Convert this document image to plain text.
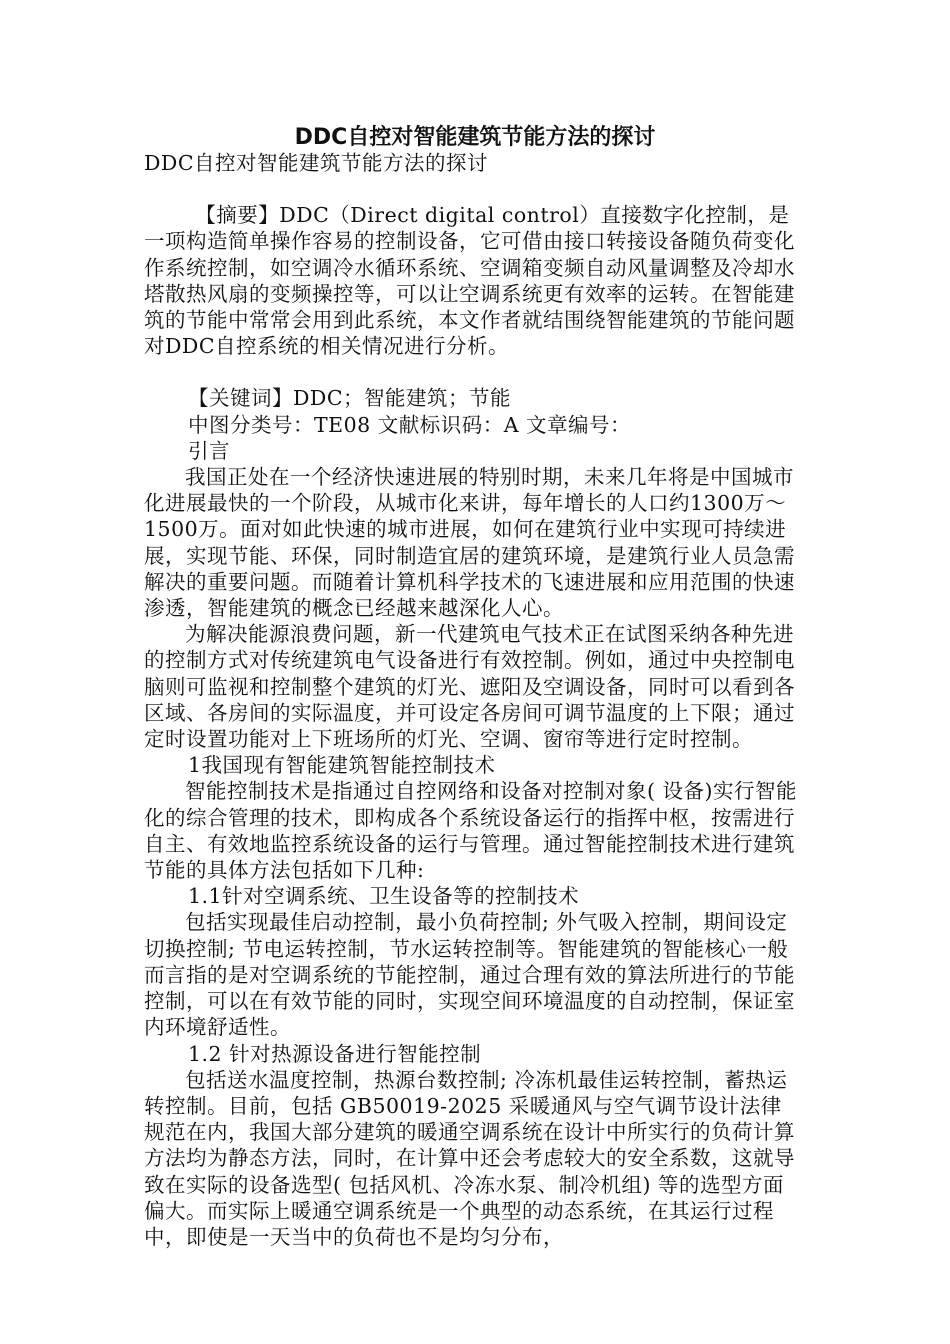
DDC自控对智能建筑节能方法的探讨

DDC自控对智能建筑节能方法的探讨

【摘要】DDC（Direct digital control）直接数字化控制，是一项构造简单操作容易的控制设备，它可借由接口转接设备随负荷变化作系统控制，如空调冷水循环系统、空调箱变频自动风量调整及冷却水塔散热风扇的变频操控等，可以让空调系统更有效率的运转。在智能建筑的节能中常常会用到此系统，本文作者就结围绕智能建筑的节能问题对DDC自控系统的相关情况进行分析。

【关键词】DDC；智能建筑；节能

中图分类号：TE08 文献标识码：A 文章编号：

引言

我国正处在一个经济快速进展的特别时期，未来几年将是中国城市化进展最快的一个阶段，从城市化来讲，每年增长的人口约1300万～1500万。面对如此快速的城市进展，如何在建筑行业中实现可持续进展，实现节能、环保，同时制造宜居的建筑环境，是建筑行业人员急需解决的重要问题。而随着计算机科学技术的飞速进展和应用范围的快速渗透，智能建筑的概念已经越来越深化人心。

为解决能源浪费问题，新一代建筑电气技术正在试图采纳各种先进的控制方式对传统建筑电气设备进行有效控制。例如，通过中央控制电脑则可监视和控制整个建筑的灯光、遮阳及空调设备，同时可以看到各区域、各房间的实际温度，并可设定各房间可调节温度的上下限；通过定时设置功能对上下班场所的灯光、空调、窗帘等进行定时控制。

1我国现有智能建筑智能控制技术

智能控制技术是指通过自控网络和设备对控制对象( 设备)实行智能化的综合管理的技术，即构成各个系统设备运行的指挥中枢，按需进行自主、有效地监控系统设备的运行与管理。通过智能控制技术进行建筑节能的具体方法包括如下几种:

1.1针对空调系统、卫生设备等的控制技术

包括实现最佳启动控制，最小负荷控制; 外气吸入控制，期间设定切换控制; 节电运转控制，节水运转控制等。智能建筑的智能核心一般而言指的是对空调系统的节能控制，通过合理有效的算法所进行的节能控制，可以在有效节能的同时，实现空间环境温度的自动控制，保证室内环境舒适性。

1.2 针对热源设备进行智能控制

包括送水温度控制，热源台数控制; 冷冻机最佳运转控制，蓄热运转控制。目前，包括 GB50019-2025 采暖通风与空气调节设计法律规范在内，我国大部分建筑的暖通空调系统在设计中所实行的负荷计算方法均为静态方法，同时，在计算中还会考虑较大的安全系数，这就导致在实际的设备选型( 包括风机、冷冻水泵、制冷机组) 等的选型方面偏大。而实际上暖通空调系统是一个典型的动态系统，在其运行过程中，即使是一天当中的负荷也不是均匀分布，
